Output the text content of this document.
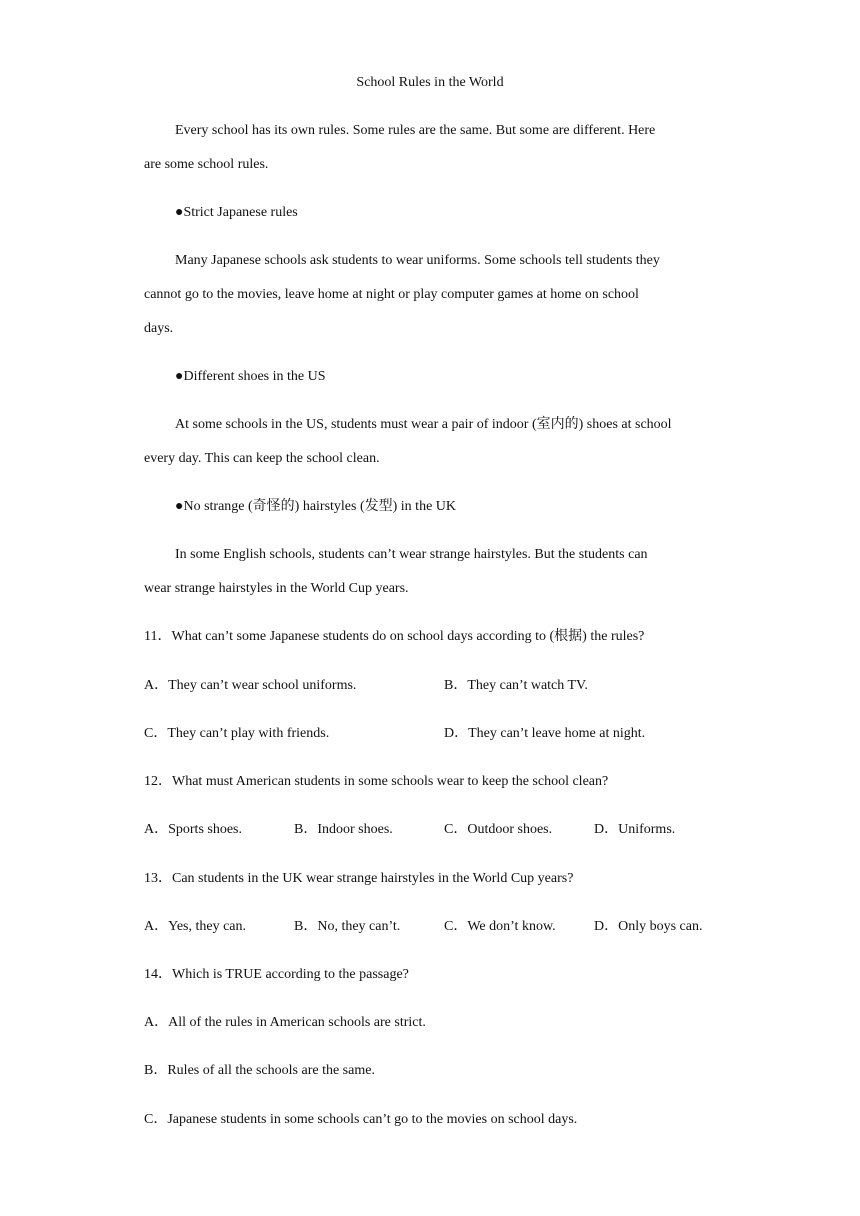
School Rules in the World
Every school has its own rules. Some rules are the same. But some are different. Here
are some school rules.
●Strict Japanese rules
Many Japanese schools ask students to wear uniforms. Some schools tell students they
cannot go to the movies, leave home at night or play computer games at home on school
days.
●Different shoes in the US
At some schools in the US, students must wear a pair of indoor (室内的) shoes at school
every day. This can keep the school clean.
●No strange (奇怪的) hairstyles (发型) in the UK
In some English schools, students can’t wear strange hairstyles. But the students can
wear strange hairstyles in the World Cup years.
11．What can’t some Japanese students do on school days according to (根据) the rules?
A．They can’t wear school uniforms.	B．They can’t watch TV.
C．They can’t play with friends.	D．They can’t leave home at night.
12．What must American students in some schools wear to keep the school clean?
A．Sports shoes.	B．Indoor shoes.	C．Outdoor shoes.	D．Uniforms.
13．Can students in the UK wear strange hairstyles in the World Cup years?
A．Yes, they can.	B．No, they can’t.	C．We don’t know.	D．Only boys can.
14．Which is TRUE according to the passage?
A．All of the rules in American schools are strict.
B．Rules of all the schools are the same.
C．Japanese students in some schools can’t go to the movies on school days.
